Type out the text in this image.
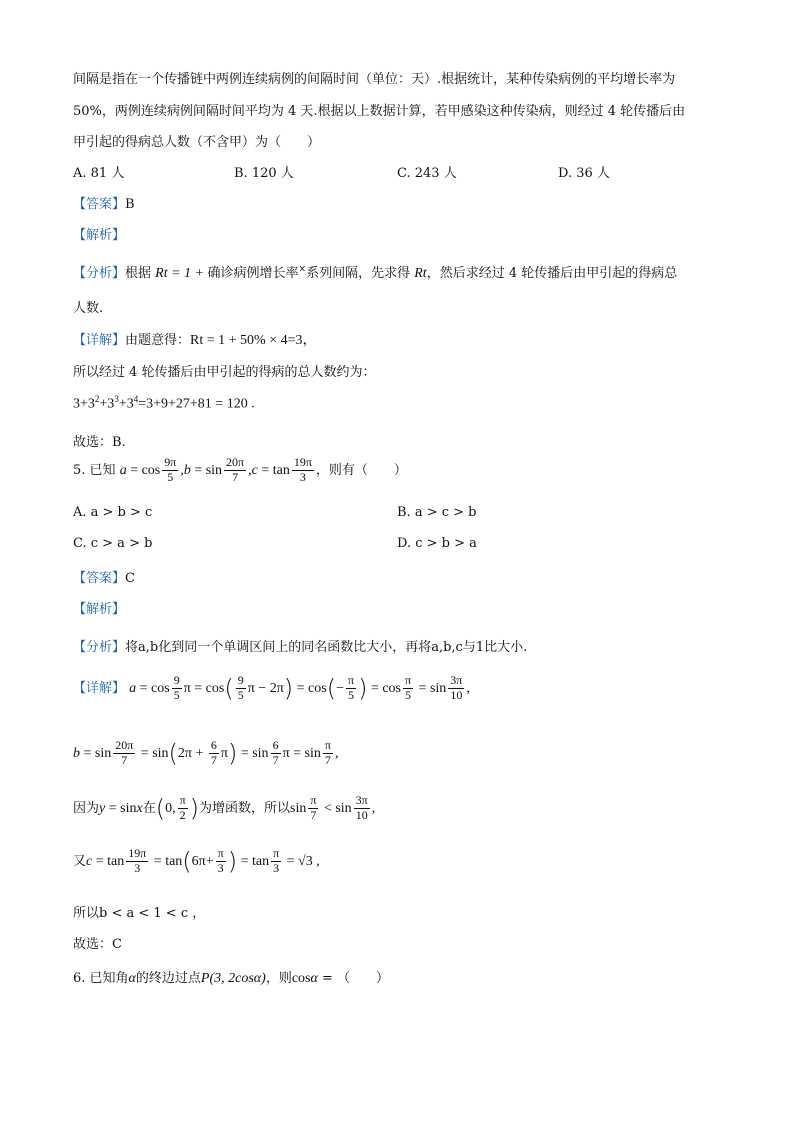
间隔是指在一个传播链中两例连续病例的间隔时间（单位：天）.根据统计，某种传染病例的平均增长率为
50%，两例连续病例间隔时间平均为 4 天.根据以上数据计算，若甲感染这种传染病，则经过 4 轮传播后由
甲引起的得病总人数（不含甲）为（　　）
A. 81 人	B. 120 人	C. 243 人	D. 36 人
【答案】B
【解析】
【分析】根据 Rt = 1 + 确诊病例增长率×系列间隔，先求得 Rt，然后求经过 4 轮传播后由甲引起的得病总
人数.
【详解】由题意得：Rt = 1 + 50% × 4=3，
所以经过 4 轮传播后由甲引起的得病的总人数约为：
$3+3^2+3^3+3^4=3+9+27+81 = 120$ .
故选：B.
5. 已知 $a = \cos \frac{9\pi}{5} ,b = \sin \frac{20\pi}{7} ,c = \tan \frac{19\pi}{3}$ ，则有（　　）
A. a > b > c	B. a > c > b
C. c > a > b	D. c > b > a
【答案】C
【解析】
【分析】将a,b化到同一个单调区间上的同名函数比大小，再将a,b,c与1比大小.
【详解】 $a = \cos \frac{9}{5}$ $\pi = \cos( \frac{9}{5}$ $\pi - 2\pi) = \cos(- \frac{\pi}{5}$ ) = $\cos \frac{\pi}{5} = \sin \frac{3\pi}{10}$ ,
$b = \sin \frac{20\pi}{7} = \sin(2\pi + \frac{6}{7} \pi) = \sin \frac{6}{7}$ $\pi = \sin \frac{\pi}{7}$ ,
因为y = sinx在(0, $\frac{\pi}{2}$ )为增函数，所以$\sin \frac{\pi}{7} < \sin \frac{3\pi}{10}$ ,
又$c = \tan \frac{19\pi}{3} = \tan(6\pi+ \frac{\pi}{3}$ ) = $\tan \frac{\pi}{3} = √3$ ,
所以b < a < 1 < c ，
故选：C
6. 已知角α的终边过点P(3, 2cosα)，则cosα = （　　）
